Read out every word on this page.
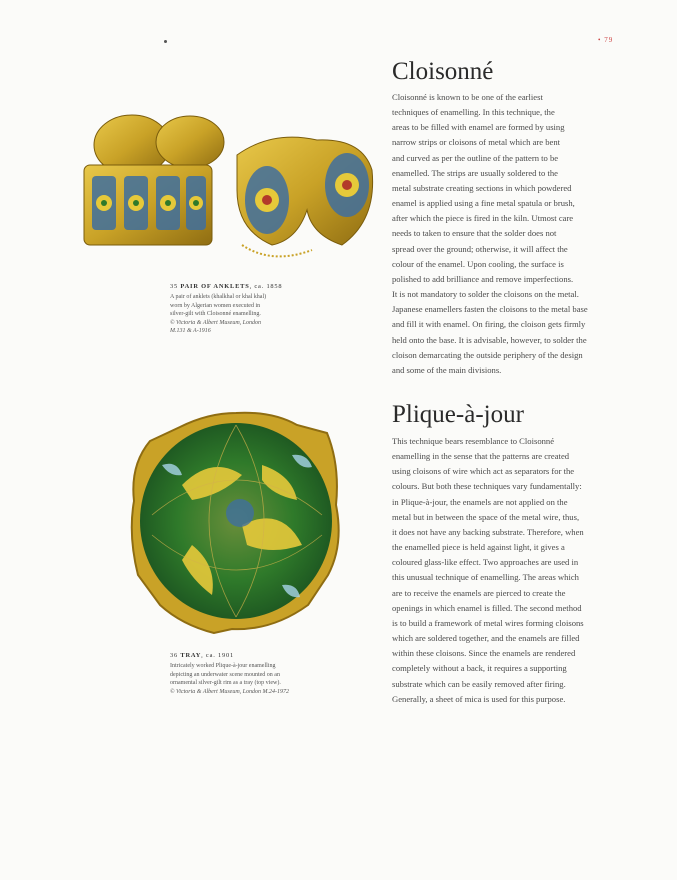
• 79
35 PAIR OF ANKLETS, ca. 1858
A pair of anklets (khalkhal or khal khal)
worn by Algerian women executed in
silver-gilt with Cloisonné enamelling.
© Victoria & Albert Museum, London
M.131 & A-1916
36 TRAY, ca. 1901
Intricately worked Plique-à-jour enamelling
depicting an underwater scene mounted on an
ornamental silver-gilt rim as a tray (top view).
© Victoria & Albert Museum, London M.24-1972
Cloisonné

Cloisonné is known to be one of the earliest
techniques of enamelling. In this technique, the
areas to be filled with enamel are formed by using
narrow strips or cloisons of metal which are bent
and curved as per the outline of the pattern to be
enamelled. The strips are usually soldered to the
metal substrate creating sections in which powdered
enamel is applied using a fine metal spatula or brush,
after which the piece is fired in the kiln. Utmost care
needs to taken to ensure that the solder does not
spread over the ground; otherwise, it will affect the
colour of the enamel. Upon cooling, the surface is
polished to add brilliance and remove imperfections.
It is not mandatory to solder the cloisons on the metal.
Japanese enamellers fasten the cloisons to the metal base
and fill it with enamel. On firing, the cloison gets firmly
held onto the base. It is advisable, however, to solder the
cloison demarcating the outside periphery of the design
and some of the main divisions.

Plique-à-jour

This technique bears resemblance to Cloisonné
enamelling in the sense that the patterns are created
using cloisons of wire which act as separators for the
colours. But both these techniques vary fundamentally:
in Plique-à-jour, the enamels are not applied on the
metal but in between the space of the metal wire, thus,
it does not have any backing substrate. Therefore, when
the enamelled piece is held against light, it gives a
coloured glass-like effect. Two approaches are used in
this unusual technique of enamelling. The areas which
are to receive the enamels are pierced to create the
openings in which enamel is filled. The second method
is to build a framework of metal wires forming cloisons
which are soldered together, and the enamels are filled
within these cloisons. Since the enamels are rendered
completely without a back, it requires a supporting
substrate which can be easily removed after firing.
Generally, a sheet of mica is used for this purpose.
